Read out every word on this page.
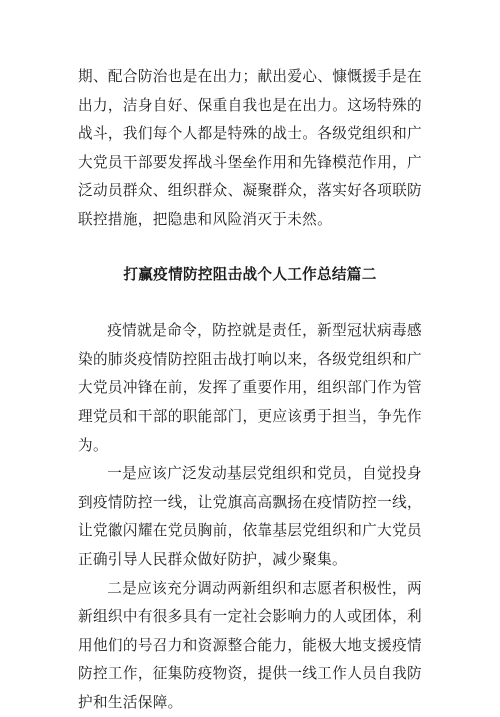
期、配合防治也是在出力；献出爱心、慷慨援手是在出力，洁身自好、保重自我也是在出力。这场特殊的战斗，我们每个人都是特殊的战士。各级党组织和广大党员干部要发挥战斗堡垒作用和先锋模范作用，广泛动员群众、组织群众、凝聚群众，落实好各项联防联控措施，把隐患和风险消灭于未然。

打赢疫情防控阻击战个人工作总结篇二

疫情就是命令，防控就是责任，新型冠状病毒感染的肺炎疫情防控阻击战打响以来，各级党组织和广大党员冲锋在前，发挥了重要作用，组织部门作为管理党员和干部的职能部门，更应该勇于担当，争先作为。

一是应该广泛发动基层党组织和党员，自觉投身到疫情防控一线，让党旗高高飘扬在疫情防控一线，让党徽闪耀在党员胸前，依靠基层党组织和广大党员正确引导人民群众做好防护，减少聚集。

二是应该充分调动两新组织和志愿者积极性，两新组织中有很多具有一定社会影响力的人或团体，利用他们的号召力和资源整合能力，能极大地支援疫情防控工作，征集防疫物资，提供一线工作人员自我防护和生活保障。
